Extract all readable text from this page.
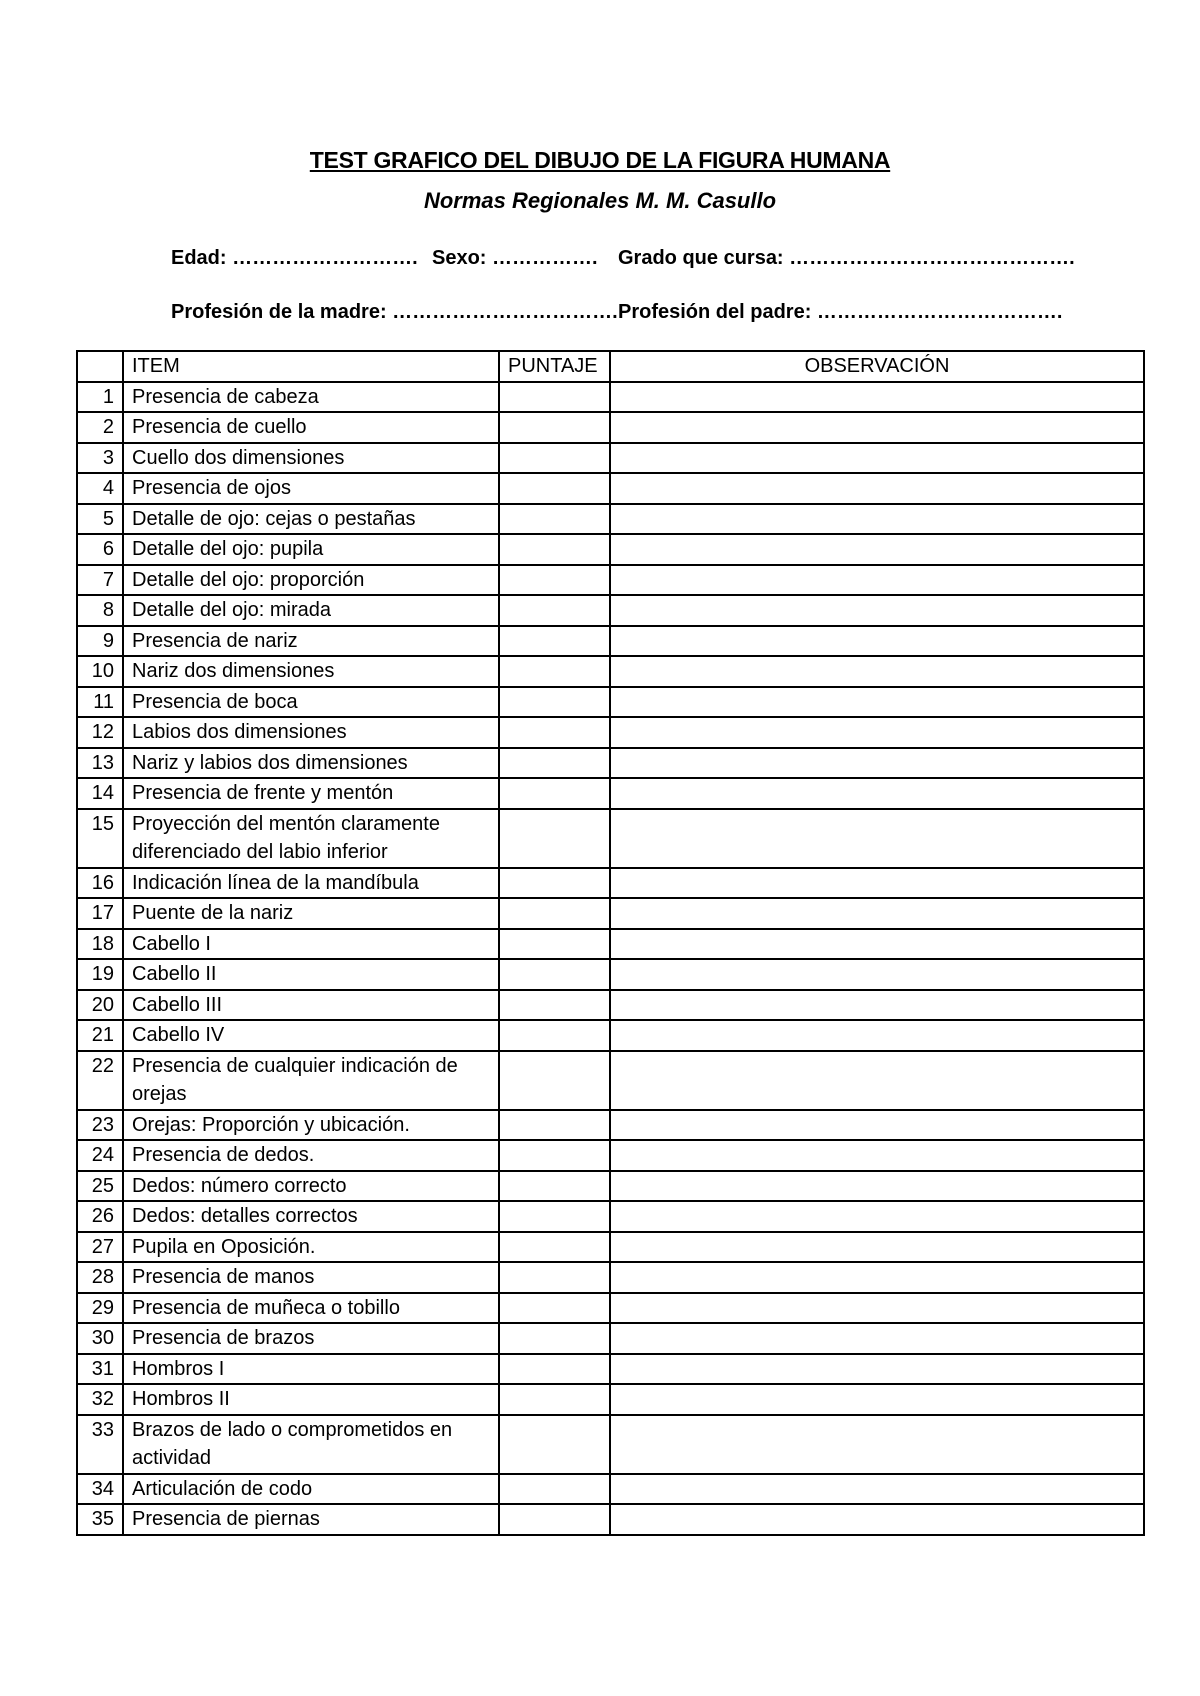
TEST GRAFICO DEL DIBUJO DE LA FIGURA HUMANA
Normas Regionales M. M. Casullo
Edad: ………………………. Sexo: ……………. Grado que cursa: …………………………………….
Profesión de la madre: ……………………………. Profesión del padre: ……………………………….
	ITEM	PUNTAJE	OBSERVACIÓN
1	Presencia de cabeza		
2	Presencia de cuello		
3	Cuello dos dimensiones		
4	Presencia de ojos		
5	Detalle de ojo: cejas o pestañas		
6	Detalle del ojo: pupila		
7	Detalle del ojo: proporción		
8	Detalle del ojo: mirada		
9	Presencia de nariz		
10	Nariz dos dimensiones		
11	Presencia de boca		
12	Labios dos dimensiones		
13	Nariz y labios dos dimensiones		
14	Presencia de frente y mentón		
15	Proyección del mentón claramente diferenciado del labio inferior		
16	Indicación línea de la mandíbula		
17	Puente de la nariz		
18	Cabello I		
19	Cabello II		
20	Cabello III		
21	Cabello IV		
22	Presencia de cualquier indicación de orejas		
23	Orejas: Proporción y ubicación.		
24	Presencia de dedos.		
25	Dedos: número correcto		
26	Dedos: detalles correctos		
27	Pupila en Oposición.		
28	Presencia de manos		
29	Presencia de muñeca o tobillo		
30	Presencia de brazos		
31	Hombros I		
32	Hombros II		
33	Brazos de lado o comprometidos en actividad		
34	Articulación de codo		
35	Presencia de piernas		
